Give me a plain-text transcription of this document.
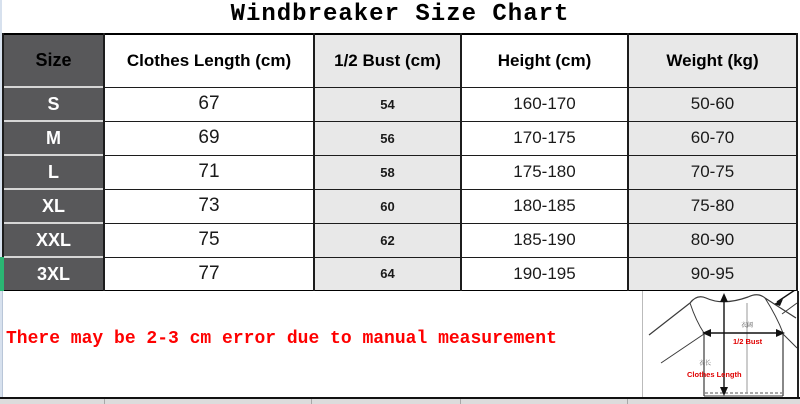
Windbreaker Size Chart
Size	Clothes Length (cm)	1/2 Bust (cm)	Height (cm)	Weight (kg)
S	67	54	160-170	50-60
M	69	56	170-175	60-70
L	71	58	175-180	70-75
XL	73	60	180-185	75-80
XXL	75	62	185-190	80-90
3XL	77	64	190-195	90-95
There may be 2-3 cm error due to manual measurement
衣阔
1/2 Bust
衣长
Clothes Length
